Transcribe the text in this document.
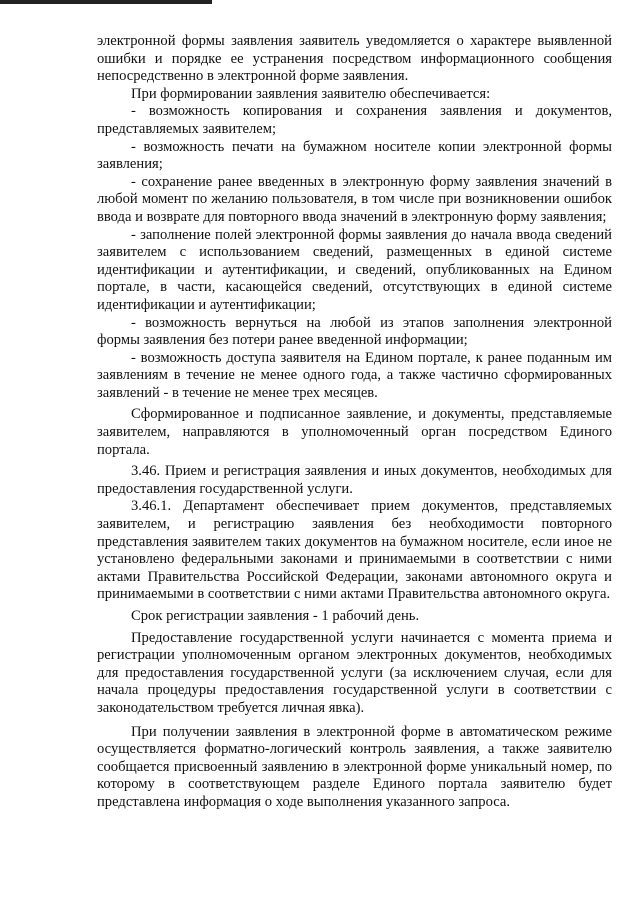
электронной формы заявления заявитель уведомляется о характере выявленной ошибки и порядке ее устранения посредством информационного сообщения непосредственно в электронной форме заявления.

При формировании заявления заявителю обеспечивается:

- возможность копирования и сохранения заявления и документов, представляемых заявителем;

- возможность печати на бумажном носителе копии электронной формы заявления;

- сохранение ранее введенных в электронную форму заявления значений в любой момент по желанию пользователя, в том числе при возникновении ошибок ввода и возврате для повторного ввода значений в электронную форму заявления;

- заполнение полей электронной формы заявления до начала ввода сведений заявителем с использованием сведений, размещенных в единой системе идентификации и аутентификации, и сведений, опубликованных на Едином портале, в части, касающейся сведений, отсутствующих в единой системе идентификации и аутентификации;

- возможность вернуться на любой из этапов заполнения электронной формы заявления без потери ранее введенной информации;

- возможность доступа заявителя на Едином портале, к ранее поданным им заявлениям в течение не менее одного года, а также частично сформированных заявлений - в течение не менее трех месяцев.

Сформированное и подписанное заявление, и документы, представляемые заявителем, направляются в уполномоченный орган посредством Единого портала.

3.46. Прием и регистрация заявления и иных документов, необходимых для предоставления государственной услуги.

3.46.1. Департамент обеспечивает прием документов, представляемых заявителем, и регистрацию заявления без необходимости повторного представления заявителем таких документов на бумажном носителе, если иное не установлено федеральными законами и принимаемыми в соответствии с ними актами Правительства Российской Федерации, законами автономного округа и принимаемыми в соответствии с ними актами Правительства автономного округа.

Срок регистрации заявления - 1 рабочий день.

Предоставление государственной услуги начинается с момента приема и регистрации уполномоченным органом электронных документов, необходимых для предоставления государственной услуги (за исключением случая, если для начала процедуры предоставления государственной услуги в соответствии с законодательством требуется личная явка).

При получении заявления в электронной форме в автоматическом режиме осуществляется форматно-логический контроль заявления, а также заявителю сообщается присвоенный заявлению в электронной форме уникальный номер, по которому в соответствующем разделе Единого портала заявителю будет представлена информация о ходе выполнения указанного запроса.
